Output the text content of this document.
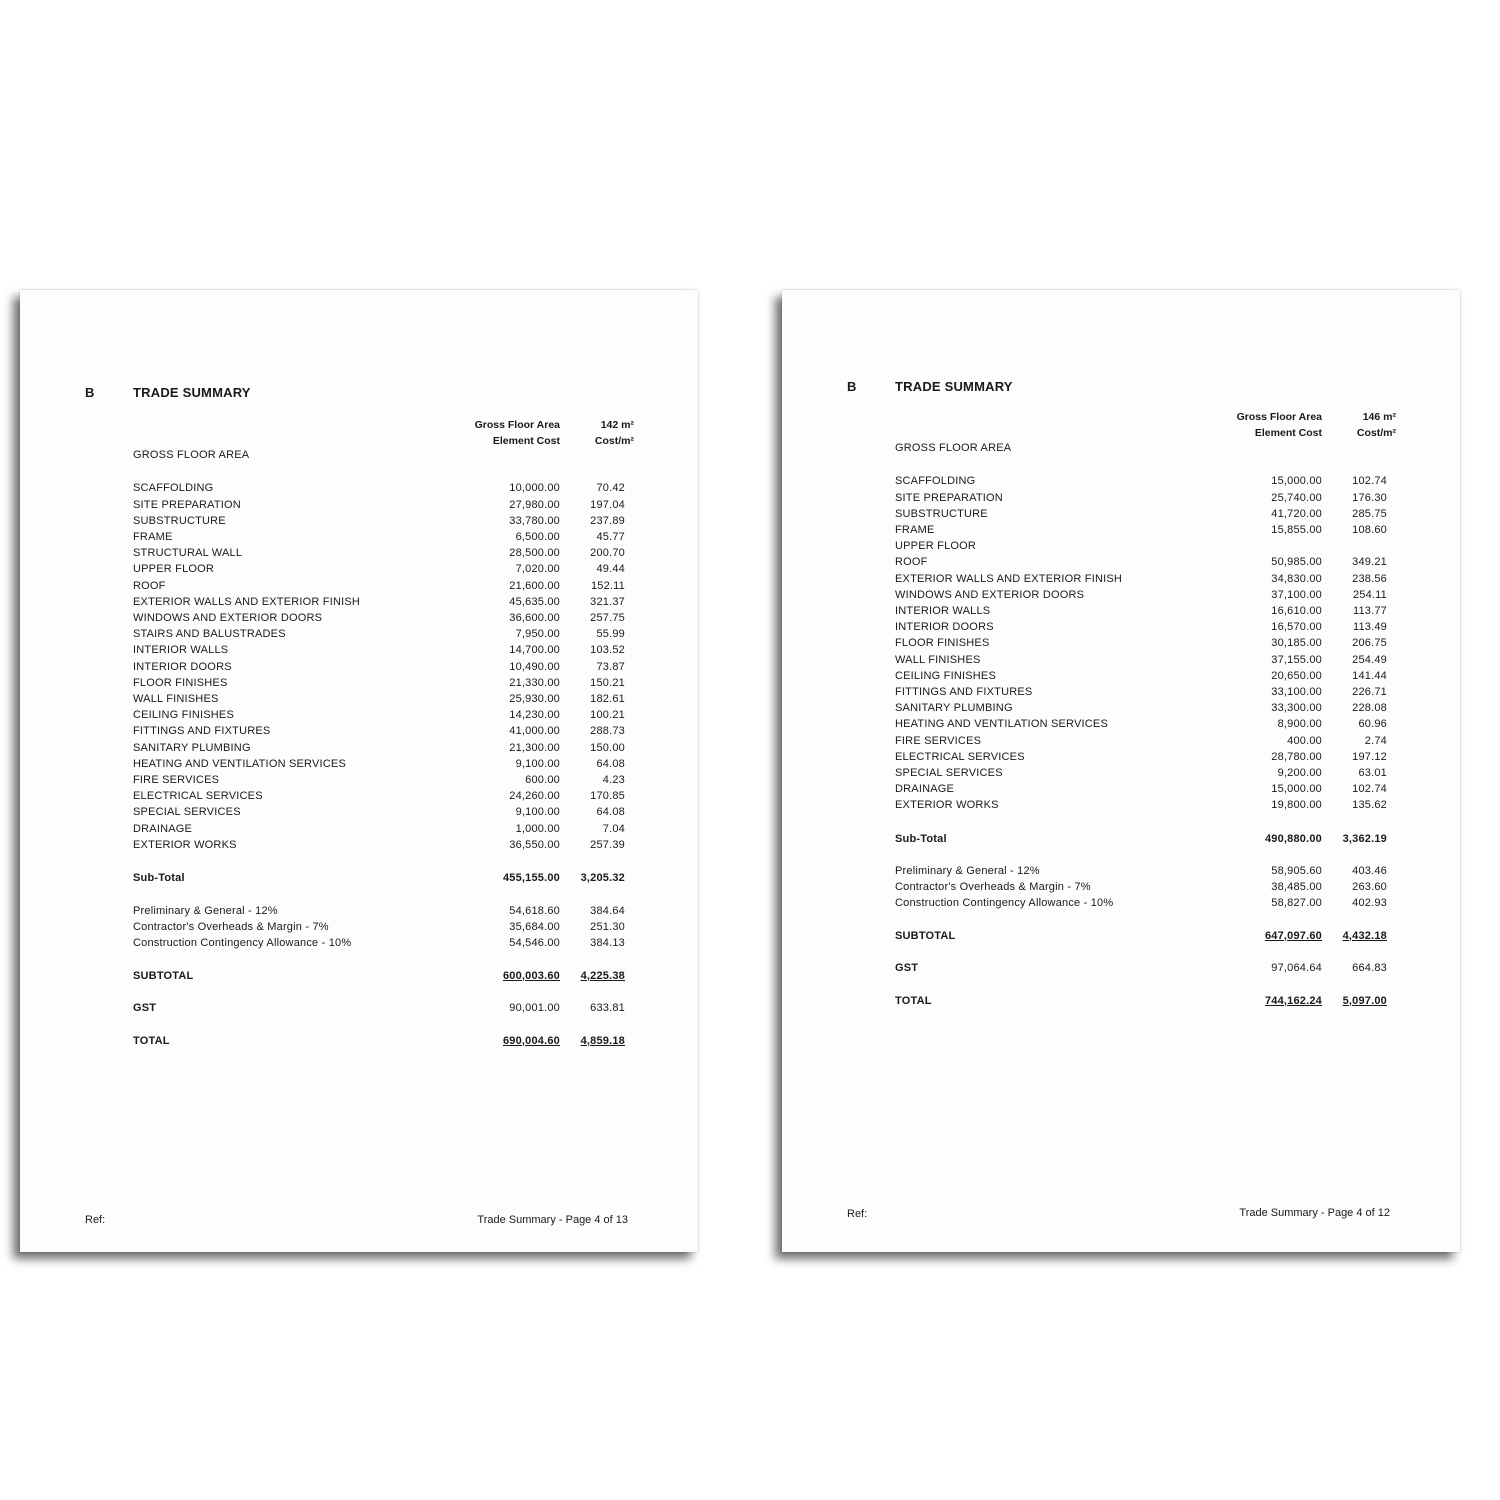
B	TRADE SUMMARY
Gross Floor Area
Element Cost
142 m²
Cost/m²
GROSS FLOOR AREA
SCAFFOLDING	10,000.00	70.42
SITE PREPARATION	27,980.00	197.04
SUBSTRUCTURE	33,780.00	237.89
FRAME	6,500.00	45.77
STRUCTURAL WALL	28,500.00	200.70
UPPER FLOOR	7,020.00	49.44
ROOF	21,600.00	152.11
EXTERIOR WALLS AND EXTERIOR FINISH	45,635.00	321.37
WINDOWS AND EXTERIOR DOORS	36,600.00	257.75
STAIRS AND BALUSTRADES	7,950.00	55.99
INTERIOR WALLS	14,700.00	103.52
INTERIOR DOORS	10,490.00	73.87
FLOOR FINISHES	21,330.00	150.21
WALL FINISHES	25,930.00	182.61
CEILING FINISHES	14,230.00	100.21
FITTINGS AND FIXTURES	41,000.00	288.73
SANITARY PLUMBING	21,300.00	150.00
HEATING AND VENTILATION SERVICES	9,100.00	64.08
FIRE SERVICES	600.00	4.23
ELECTRICAL SERVICES	24,260.00	170.85
SPECIAL SERVICES	9,100.00	64.08
DRAINAGE	1,000.00	7.04
EXTERIOR WORKS	36,550.00	257.39
Sub-Total	455,155.00 3,205.32
Preliminary & General - 12%	54,618.60	384.64
Contractor's Overheads & Margin - 7%	35,684.00	251.30
Construction Contingency Allowance - 10%	54,546.00	384.13
SUBTOTAL	600,003.60 4,225.38
GST	90,001.00	633.81
TOTAL	690,004.60 4,859.18
Ref:	Trade Summary - Page 4 of 13
B	TRADE SUMMARY
Gross Floor Area
Element Cost
146 m²
Cost/m²
GROSS FLOOR AREA
SCAFFOLDING	15,000.00	102.74
SITE PREPARATION	25,740.00	176.30
SUBSTRUCTURE	41,720.00	285.75
FRAME	15,855.00	108.60
UPPER FLOOR
ROOF	50,985.00	349.21
EXTERIOR WALLS AND EXTERIOR FINISH	34,830.00	238.56
WINDOWS AND EXTERIOR DOORS	37,100.00	254.11
INTERIOR WALLS	16,610.00	113.77
INTERIOR DOORS	16,570.00	113.49
FLOOR FINISHES	30,185.00	206.75
WALL FINISHES	37,155.00	254.49
CEILING FINISHES	20,650.00	141.44
FITTINGS AND FIXTURES	33,100.00	226.71
SANITARY PLUMBING	33,300.00	228.08
HEATING AND VENTILATION SERVICES	8,900.00	60.96
FIRE SERVICES	400.00	2.74
ELECTRICAL SERVICES	28,780.00	197.12
SPECIAL SERVICES	9,200.00	63.01
DRAINAGE	15,000.00	102.74
EXTERIOR WORKS	19,800.00	135.62
Sub-Total	490,880.00 3,362.19
Preliminary & General - 12%	58,905.60	403.46
Contractor's Overheads & Margin - 7%	38,485.00	263.60
Construction Contingency Allowance - 10%	58,827.00	402.93
SUBTOTAL	647,097.60 4,432.18
GST	97,064.64	664.83
TOTAL	744,162.24 5,097.00
Ref:	Trade Summary - Page 4 of 12
